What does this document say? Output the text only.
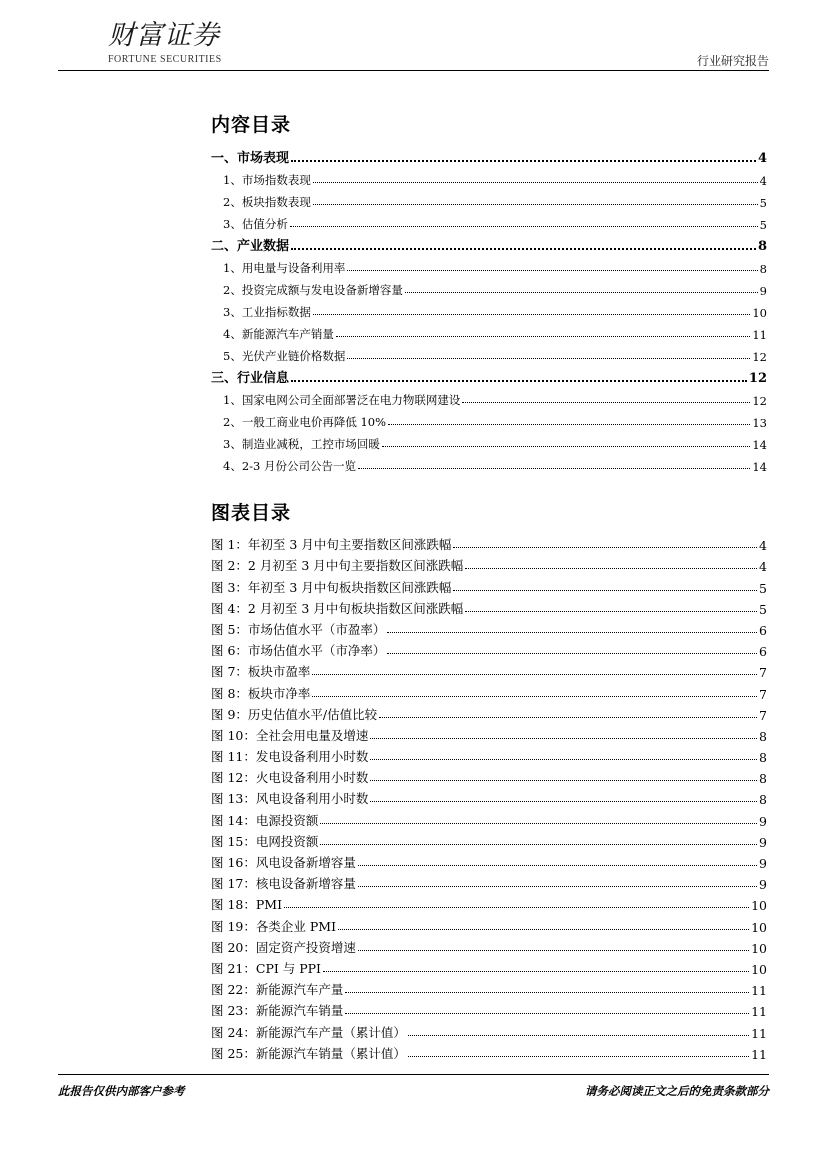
财富证券
FORTUNE SECURITIES	行业研究报告
内容目录
一、市场表现	4
1、市场指数表现	4
2、板块指数表现	5
3、估值分析	5
二、产业数据	8
1、用电量与设备利用率	8
2、投资完成额与发电设备新增容量	9
3、工业指标数据	10
4、新能源汽车产销量	11
5、光伏产业链价格数据	12
三、行业信息	12
1、国家电网公司全面部署泛在电力物联网建设	12
2、一般工商业电价再降低 10%	13
3、制造业减税，工控市场回暖	14
4、2-3 月份公司公告一览	14
图表目录
图 1：年初至 3 月中旬主要指数区间涨跌幅	4
图 2：2 月初至 3 月中旬主要指数区间涨跌幅	4
图 3：年初至 3 月中旬板块指数区间涨跌幅	5
图 4：2 月初至 3 月中旬板块指数区间涨跌幅	5
图 5：市场估值水平（市盈率）	6
图 6：市场估值水平（市净率）	6
图 7：板块市盈率	7
图 8：板块市净率	7
图 9：历史估值水平/估值比较	7
图 10：全社会用电量及增速	8
图 11：发电设备利用小时数	8
图 12：火电设备利用小时数	8
图 13：风电设备利用小时数	8
图 14：电源投资额	9
图 15：电网投资额	9
图 16：风电设备新增容量	9
图 17：核电设备新增容量	9
图 18：PMI	10
图 19：各类企业 PMI	10
图 20：固定资产投资增速	10
图 21：CPI 与 PPI	10
图 22：新能源汽车产量	11
图 23：新能源汽车销量	11
图 24：新能源汽车产量（累计值）	11
图 25：新能源汽车销量（累计值）	11
此报告仅供内部客户参考	请务必阅读正文之后的免责条款部分
